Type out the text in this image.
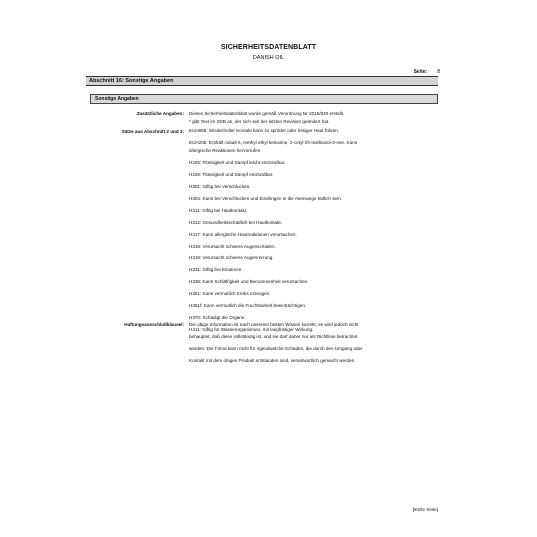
SICHERHEITSDATENBLATT
DANISH OIL
Seite: 8
Abschnitt 16: Sonstige Angaben
Sonstige Angaben
Zusätzliche Angaben:
Sätze aus Abschnitt 2 und 3:
Haftungsausschlußklausel:
Dieses Sicherheitsdatenblatt wurde gemäß Verordnung Nr 2015/830 erstellt.
* gibt Text im SDB an, der sich seit der letzten Revision geändert hat.
EUH066: Wiederholter Kontakt kann zu spröder oder rissiger Haut führen.
EUH208: Enthält cobalt 6, methyl ethyl ketoxime, 2-octyl-2h-isothiazol-3-one. Kann
allergische Reaktionen hervorrufen.
H225: Flüssigkeit und Dampf leicht entzündbar.
H226: Flüssigkeit und Dampf entzündbar.
H301: Giftig bei Verschlucken.
H304: Kann bei Verschlucken und Eindringen in die Atemwege tödlich sein.
H311: Giftig bei Hautkontakt.
H312: Gesundheitsschädlich bei Hautkontakt.
H317: Kann allergische Hautreaktionen verursachen.
H318: Verursacht schwere Augenschäden.
H319: Verursacht schwere Augenreizung.
H331: Giftig bei Einatmen.
H336: Kann Schläfrigkeit und Benommenheit verursachen.
H351: Kann vermutlich Krebs erzeugen.
H361f: Kann vermutlich die Fruchtbarkeit beeinträchtigen.
H370: Schädigt die Organe.
H411: Giftig für Wasserorganismen, mit langfristiger Wirkung.
Die obige Information ist nach unserem besten Wissen korrekt; es wird jedoch nicht
behauptet, daß diese vollständig ist, und sie darf daher nur als Richtlinie betrachtet
werden. Die Firma kann nicht für irgendwelche Schäden, die durch den Umgang oder
Kontakt mit dem obigen Produkt entstanden sind, verantwortlich gemacht werden.
[letzte Seite]
